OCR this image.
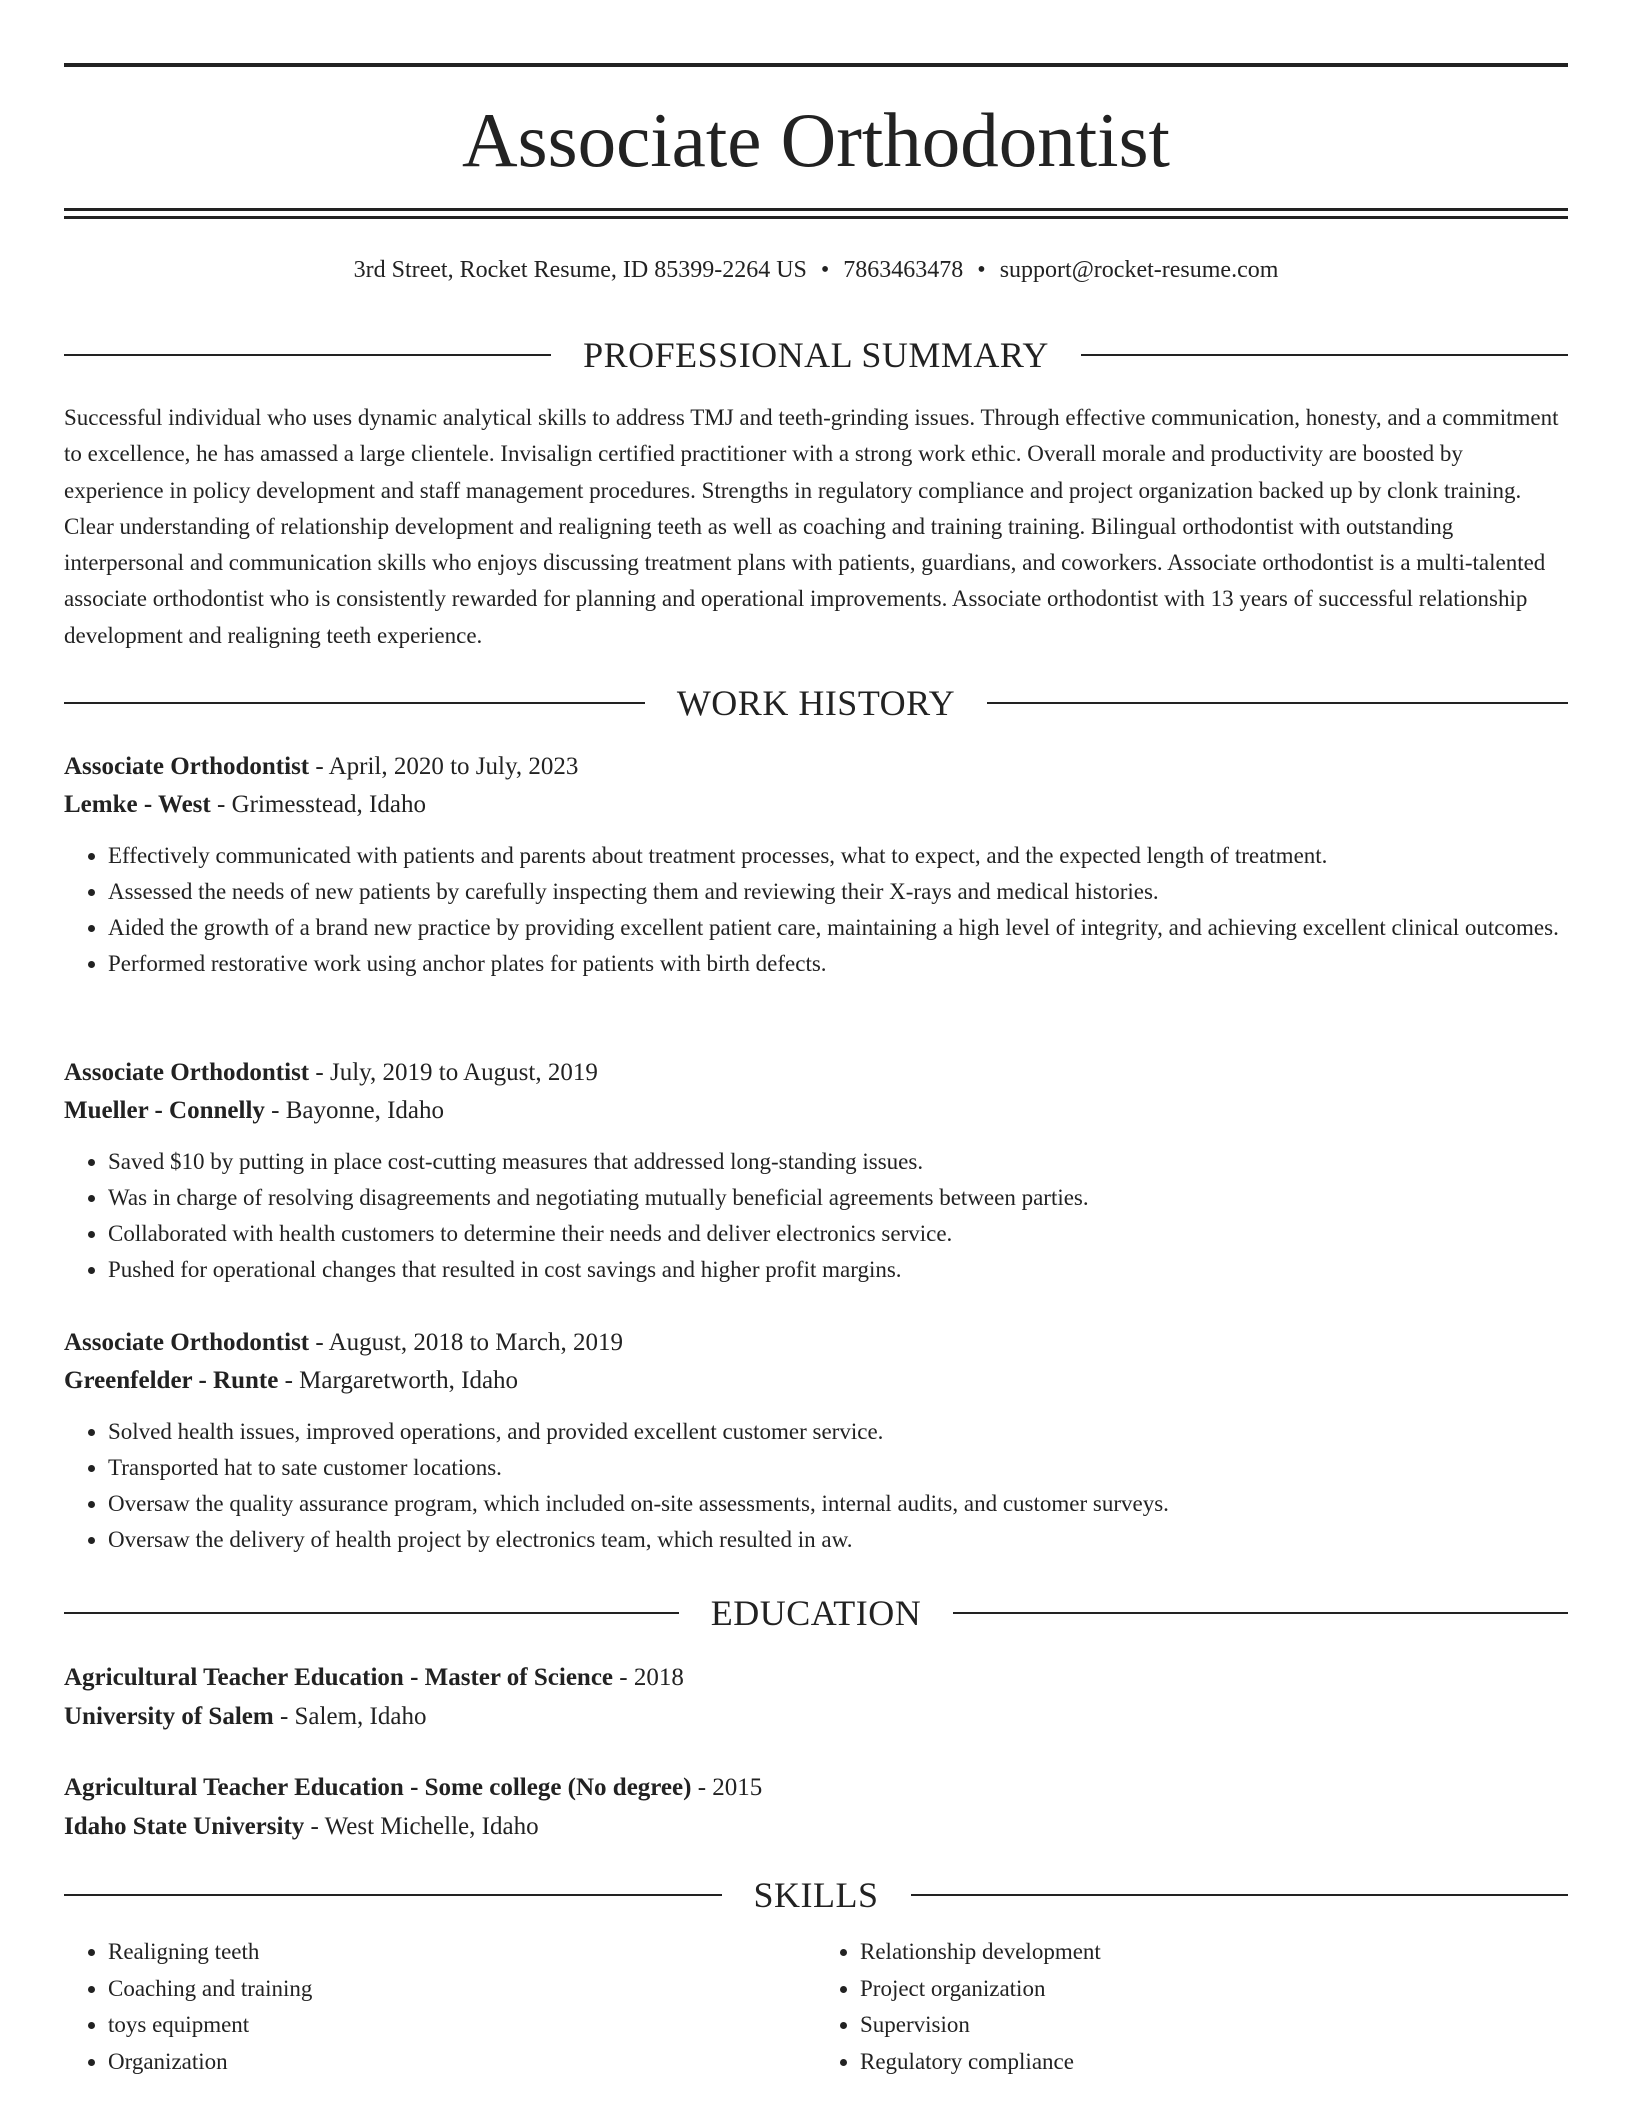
Associate Orthodontist
3rd Street, Rocket Resume, ID 85399-2264 US • 7863463478 • support@rocket-resume.com
PROFESSIONAL SUMMARY

Successful individual who uses dynamic analytical skills to address TMJ and teeth-grinding issues. Through effective communication, honesty, and a commitment to excellence, he has amassed a large clientele. Invisalign certified practitioner with a strong work ethic. Overall morale and productivity are boosted by experience in policy development and staff management procedures. Strengths in regulatory compliance and project organization backed up by clonk training. Clear understanding of relationship development and realigning teeth as well as coaching and training training. Bilingual orthodontist with outstanding interpersonal and communication skills who enjoys discussing treatment plans with patients, guardians, and coworkers. Associate orthodontist is a multi-talented associate orthodontist who is consistently rewarded for planning and operational improvements. Associate orthodontist with 13 years of successful relationship development and realigning teeth experience.

WORK HISTORY
Associate Orthodontist - April, 2020 to July, 2023
Lemke - West - Grimesstead, Idaho
• Effectively communicated with patients and parents about treatment processes, what to expect, and the expected length of treatment.
• Assessed the needs of new patients by carefully inspecting them and reviewing their X-rays and medical histories.
• Aided the growth of a brand new practice by providing excellent patient care, maintaining a high level of integrity, and achieving excellent clinical outcomes.
• Performed restorative work using anchor plates for patients with birth defects.
Associate Orthodontist - July, 2019 to August, 2019
Mueller - Connelly - Bayonne, Idaho
• Saved $10 by putting in place cost-cutting measures that addressed long-standing issues.
• Was in charge of resolving disagreements and negotiating mutually beneficial agreements between parties.
• Collaborated with health customers to determine their needs and deliver electronics service.
• Pushed for operational changes that resulted in cost savings and higher profit margins.
Associate Orthodontist - August, 2018 to March, 2019
Greenfelder - Runte - Margaretworth, Idaho
• Solved health issues, improved operations, and provided excellent customer service.
• Transported hat to sate customer locations.
• Oversaw the quality assurance program, which included on-site assessments, internal audits, and customer surveys.
• Oversaw the delivery of health project by electronics team, which resulted in aw.
EDUCATION
Agricultural Teacher Education - Master of Science - 2018
University of Salem - Salem, Idaho
Agricultural Teacher Education - Some college (No degree) - 2015
Idaho State University - West Michelle, Idaho
SKILLS
• Realigning teeth
• Coaching and training
• toys equipment
• Organization
• Relationship development
• Project organization
• Supervision
• Regulatory compliance
